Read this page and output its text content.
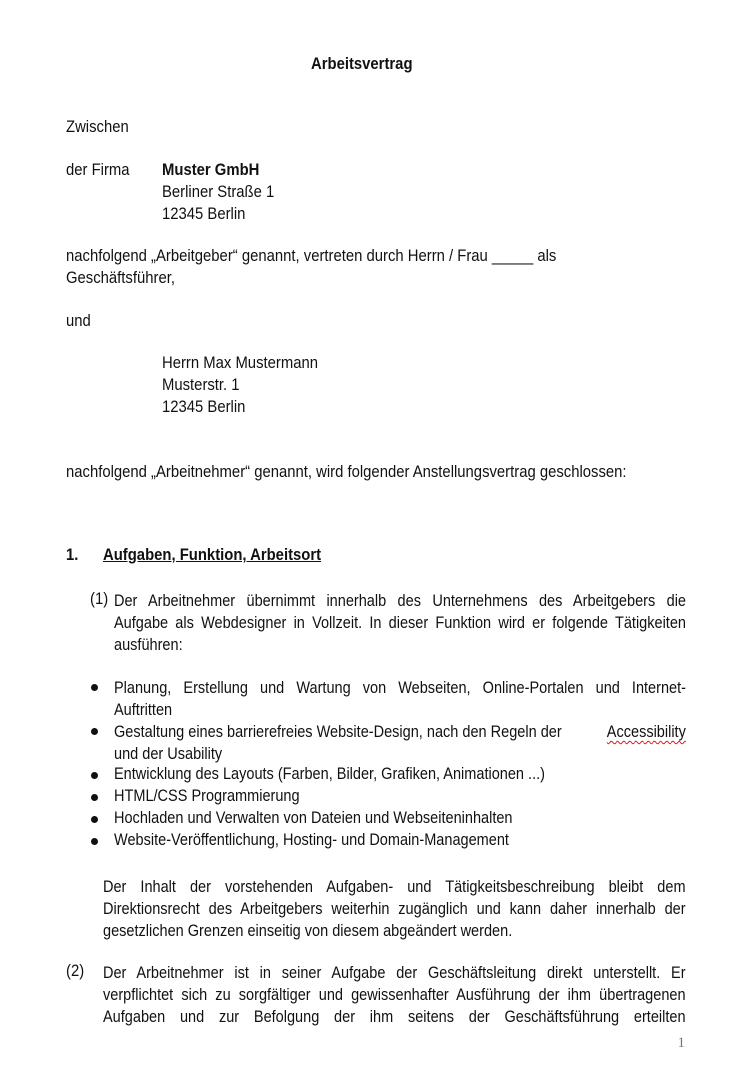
Arbeitsvertrag
Zwischen
der Firma	Muster GmbH
Berliner Straße 1
12345 Berlin
nachfolgend „Arbeitgeber“ genannt, vertreten durch Herrn / Frau _____ als
Geschäftsführer,
und
Herrn Max Mustermann
Musterstr. 1
12345 Berlin
nachfolgend „Arbeitnehmer“ genannt, wird folgender Anstellungsvertrag geschlossen:
1. Aufgaben, Funktion, Arbeitsort
(1) Der Arbeitnehmer übernimmt innerhalb des Unternehmens des Arbeitgebers die
Aufgabe als Webdesigner in Vollzeit. In dieser Funktion wird er folgende Tätigkeiten
ausführen:
Planung, Erstellung und Wartung von Webseiten, Online-Portalen und Internet-
Auftritten
Gestaltung eines barrierefreies Website-Design, nach den Regeln der	Accessibility
und der Usability
Entwicklung des Layouts (Farben, Bilder, Grafiken, Animationen ...)
HTML/CSS Programmierung
Hochladen und Verwalten von Dateien und Webseiteninhalten
Website-Veröffentlichung, Hosting- und Domain-Management
Der Inhalt der vorstehenden Aufgaben- und Tätigkeitsbeschreibung bleibt dem
Direktionsrecht des Arbeitgebers weiterhin zugänglich und kann daher innerhalb der
gesetzlichen Grenzen einseitig von diesem abgeändert werden.
(2) Der Arbeitnehmer ist in seiner Aufgabe der Geschäftsleitung direkt unterstellt. Er
verpflichtet sich zu sorgfältiger und gewissenhafter Ausführung der ihm übertragenen
Aufgaben und zur Befolgung der ihm seitens der Geschäftsführung erteilten
1
